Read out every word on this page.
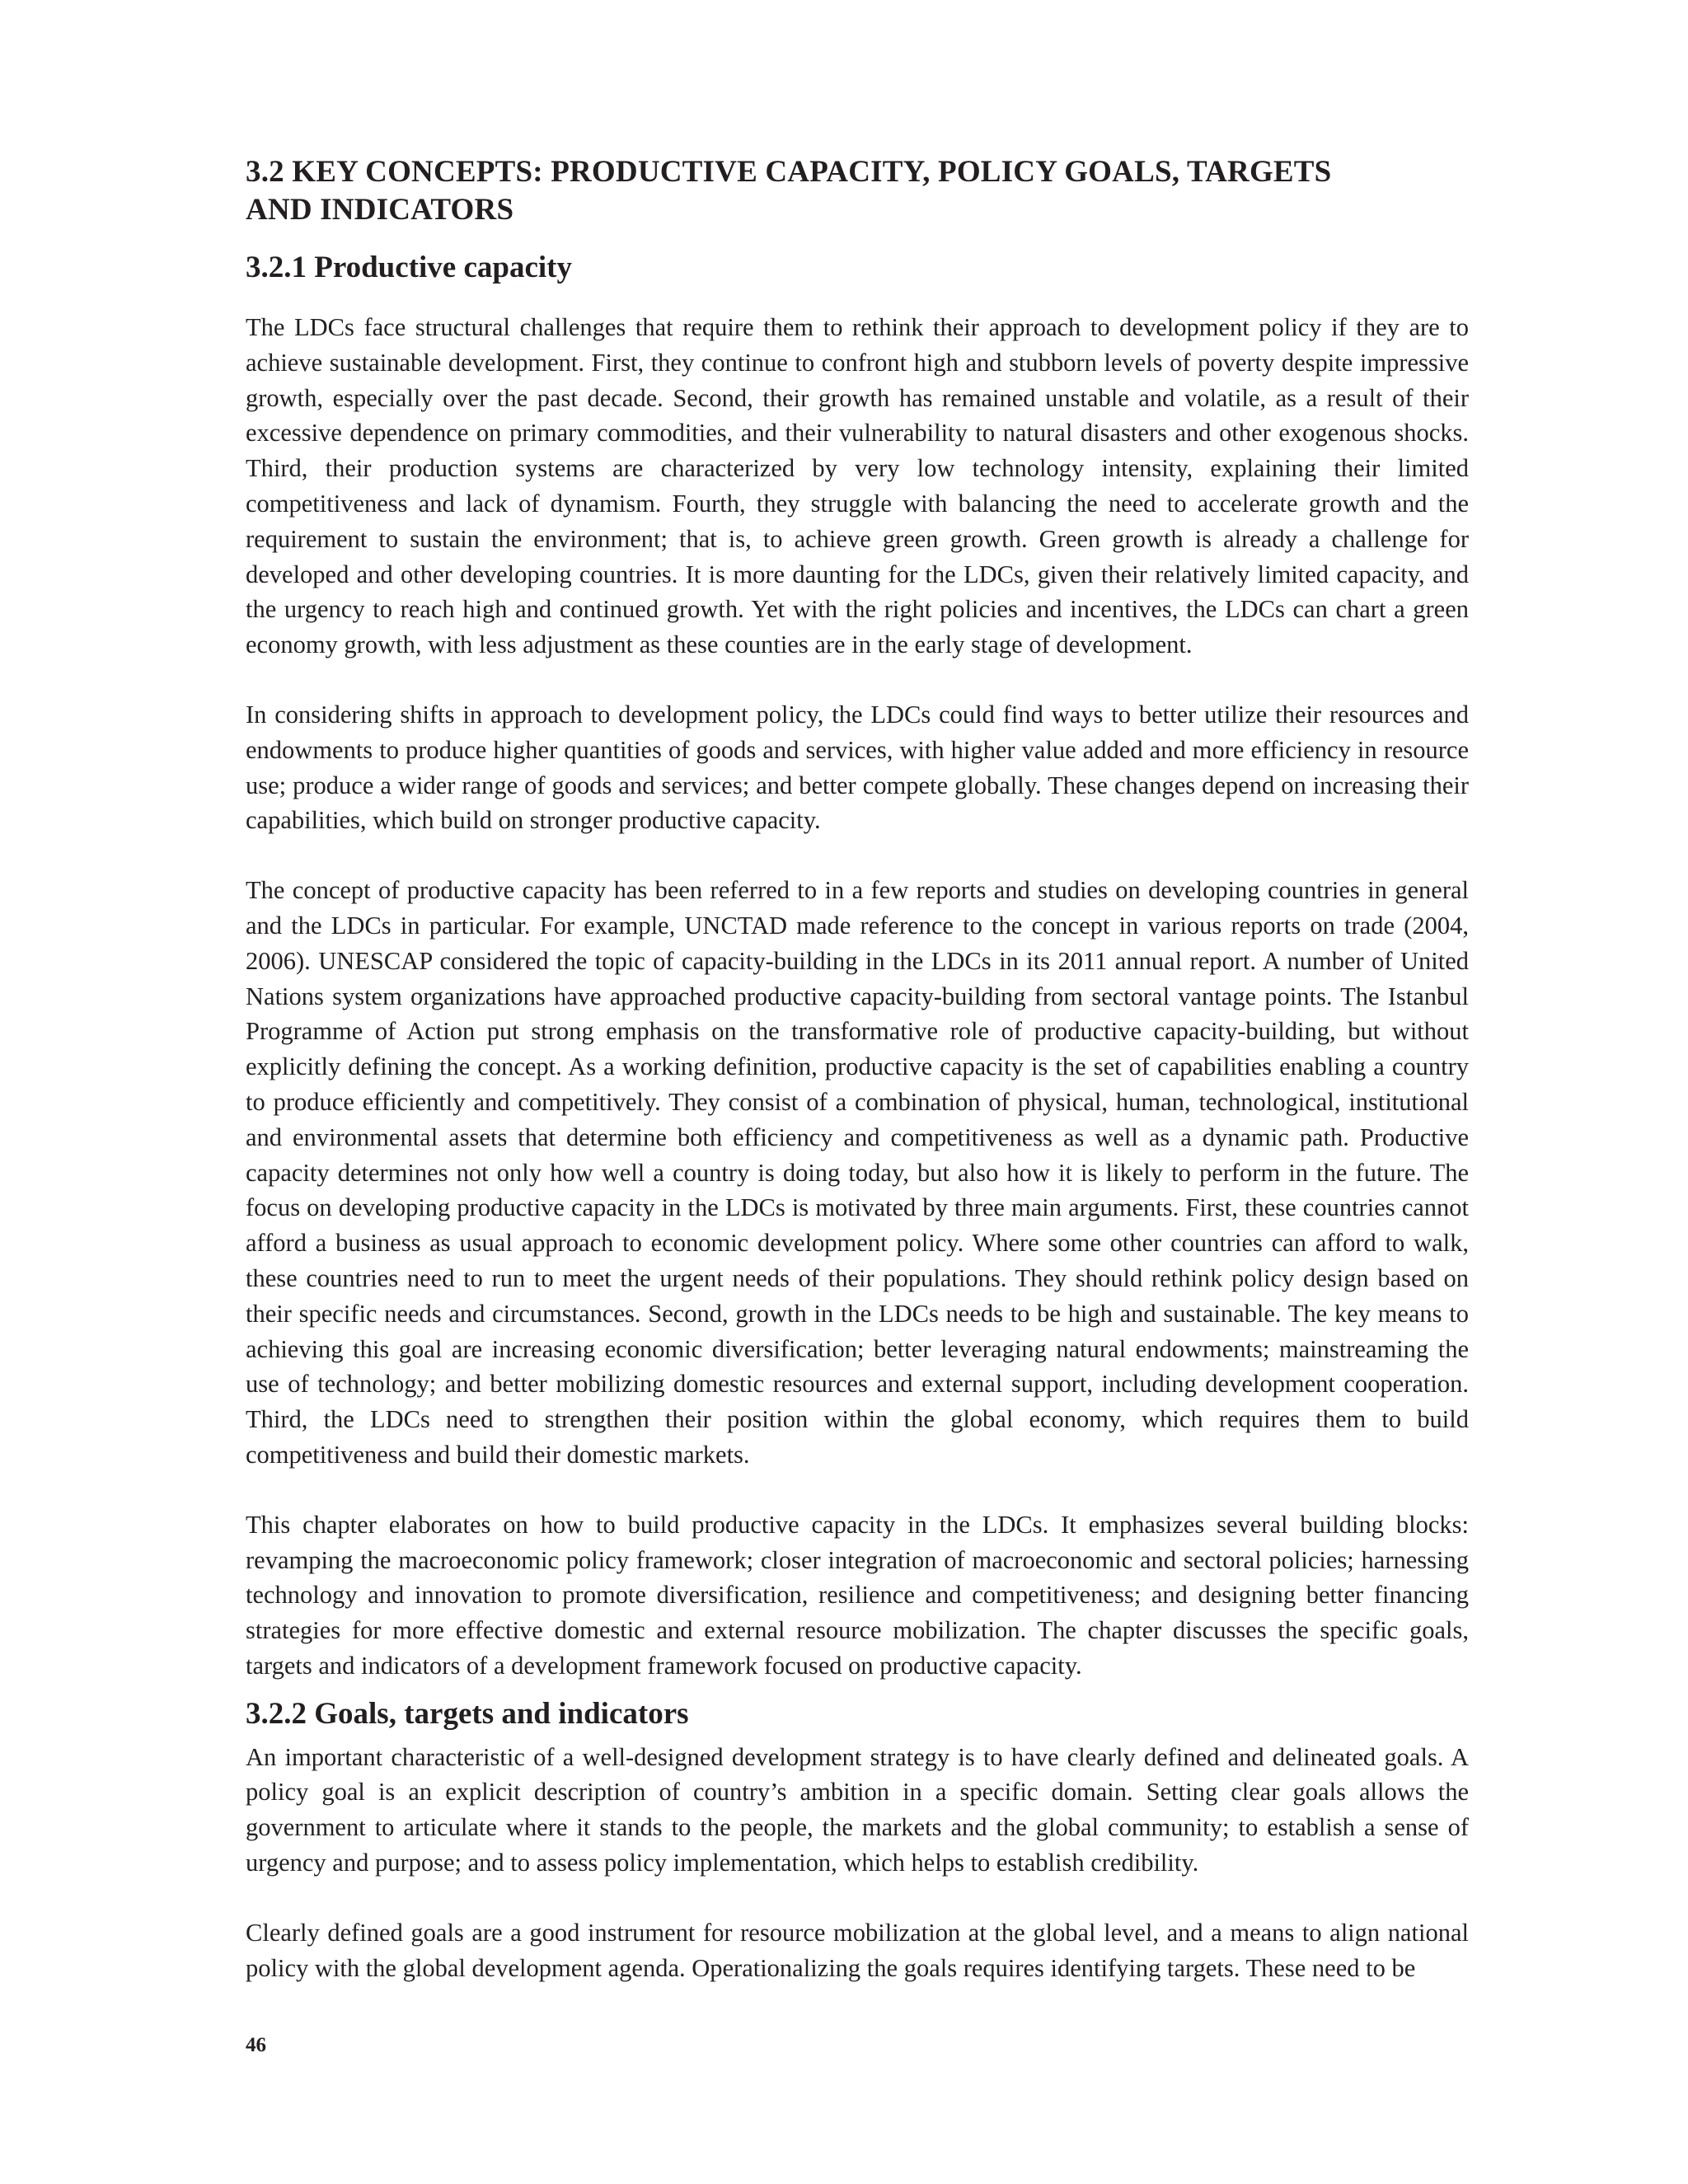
3.2 KEY CONCEPTS: PRODUCTIVE CAPACITY, POLICY GOALS, TARGETS
AND INDICATORS
3.2.1 Productive capacity

The LDCs face structural challenges that require them to rethink their approach to development policy if they are to achieve sustainable development. First, they continue to confront high and stubborn levels of poverty despite impressive growth, especially over the past decade. Second, their growth has remained unstable and volatile, as a result of their excessive dependence on primary commodities, and their vulnerability to natural disasters and other exogenous shocks. Third, their production systems are characterized by very low technology intensity, explaining their limited competitiveness and lack of dynamism. Fourth, they struggle with balancing the need to accelerate growth and the requirement to sustain the environment; that is, to achieve green growth. Green growth is already a challenge for developed and other developing countries. It is more daunting for the LDCs, given their relatively limited capacity, and the urgency to reach high and continued growth. Yet with the right policies and incentives, the LDCs can chart a green economy growth, with less adjustment as these counties are in the early stage of development.

In considering shifts in approach to development policy, the LDCs could find ways to better utilize their resources and endowments to produce higher quantities of goods and services, with higher value added and more efficiency in resource use; produce a wider range of goods and services; and better compete globally. These changes depend on increasing their capabilities, which build on stronger productive capacity.

The concept of productive capacity has been referred to in a few reports and studies on developing countries in general and the LDCs in particular. For example, UNCTAD made reference to the concept in various reports on trade (2004, 2006). UNESCAP considered the topic of capacity-building in the LDCs in its 2011 annual report. A number of United Nations system organizations have approached productive capacity-building from sectoral vantage points. The Istanbul Programme of Action put strong emphasis on the transformative role of productive capacity-building, but without explicitly defining the concept. As a working definition, productive capacity is the set of capabilities enabling a country to produce efficiently and competitively. They consist of a combination of physical, human, technological, institutional and environmental assets that determine both efficiency and competitiveness as well as a dynamic path. Productive capacity determines not only how well a country is doing today, but also how it is likely to perform in the future. The focus on developing productive capacity in the LDCs is motivated by three main arguments. First, these countries cannot afford a business as usual approach to economic development policy. Where some other countries can afford to walk, these countries need to run to meet the urgent needs of their populations. They should rethink policy design based on their specific needs and circumstances. Second, growth in the LDCs needs to be high and sustainable. The key means to achieving this goal are increasing economic diversification; better leveraging natural endowments; mainstreaming the use of technology; and better mobilizing domestic resources and external support, including development cooperation. Third, the LDCs need to strengthen their position within the global economy, which requires them to build competitiveness and build their domestic markets.

This chapter elaborates on how to build productive capacity in the LDCs. It emphasizes several building blocks: revamping the macroeconomic policy framework; closer integration of macroeconomic and sectoral policies; harnessing technology and innovation to promote diversification, resilience and competitiveness; and designing better financing strategies for more effective domestic and external resource mobilization. The chapter discusses the specific goals, targets and indicators of a development framework focused on productive capacity.

3.2.2 Goals, targets and indicators

An important characteristic of a well-designed development strategy is to have clearly defined and delineated goals. A policy goal is an explicit description of country’s ambition in a specific domain. Setting clear goals allows the government to articulate where it stands to the people, the markets and the global community; to establish a sense of urgency and purpose; and to assess policy implementation, which helps to establish credibility.

Clearly defined goals are a good instrument for resource mobilization at the global level, and a means to align national policy with the global development agenda. Operationalizing the goals requires identifying targets. These need to be

46
